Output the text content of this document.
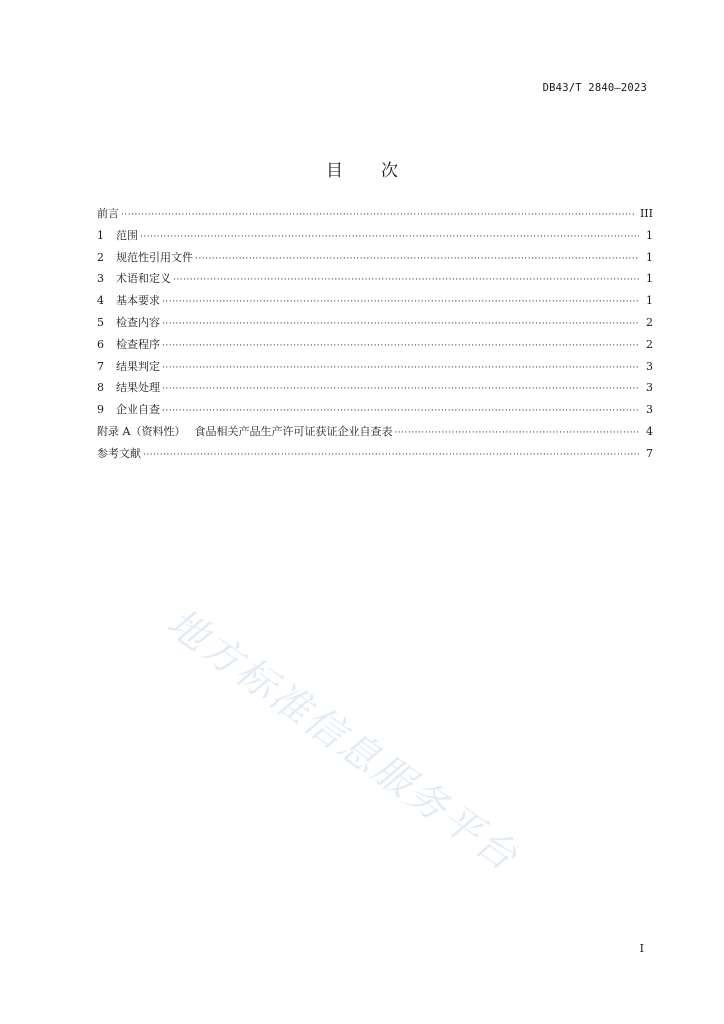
DB43/T 2840—2023
目 次
前言 ·····	III
1	范围 ·····	1
2	规范性引用文件 ·····	1
3	术语和定义 ·····	1
4	基本要求 ·····	1
5	检查内容 ·····	2
6	检查程序 ·····	2
7	结果判定 ·····	3
8	结果处理 ·····	3
9	企业自查 ·····	3
附录 A（资料性） 食品相关产品生产许可证获证企业自查表 ·····	4
参考文献 ·····	7
地方标准信息服务平台
I
